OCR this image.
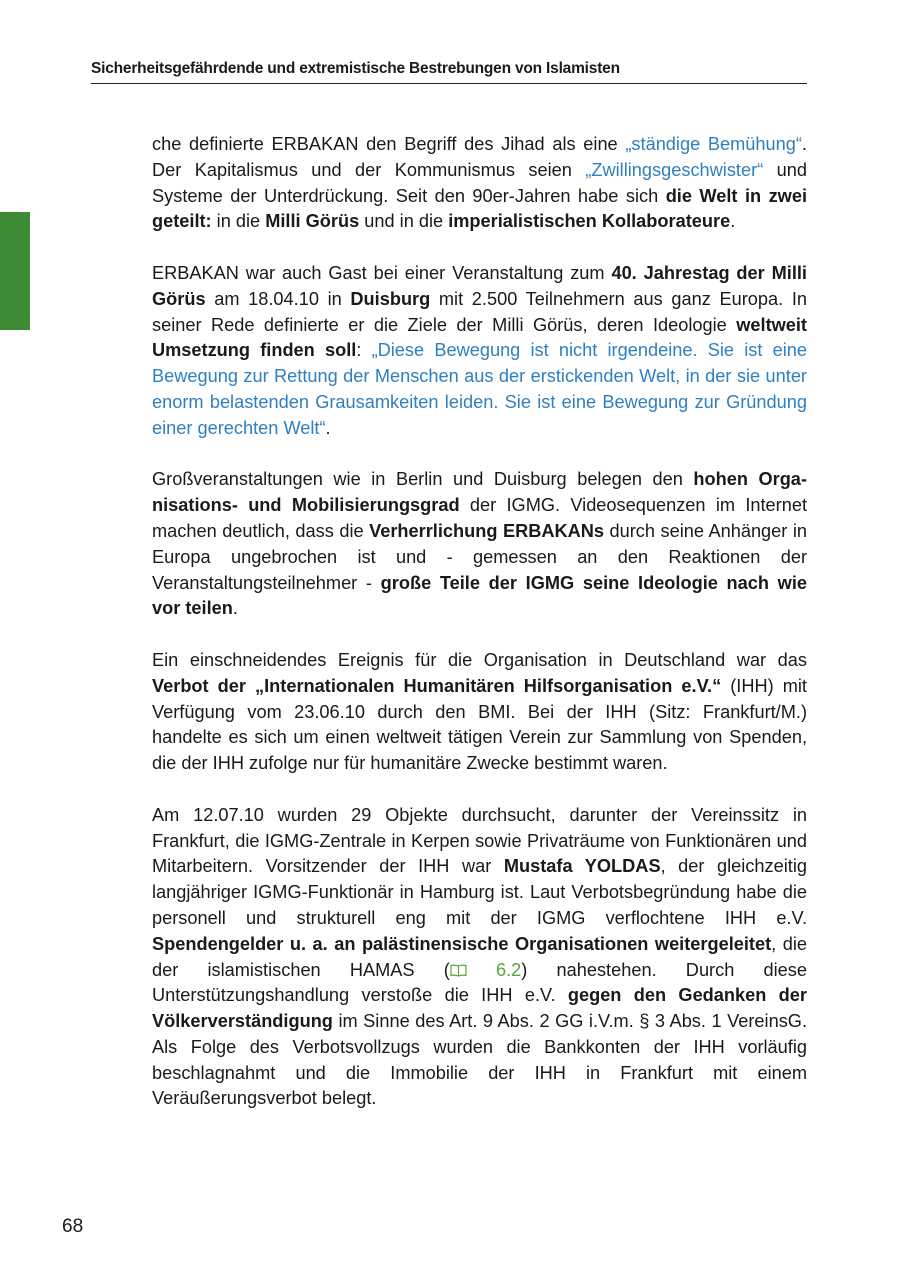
Sicherheitsgefährdende und extremistische Bestrebungen von Islamisten

che definierte ERBAKAN den Begriff des Jihad als eine „ständige Bemühung“. Der Kapitalismus und der Kommunismus seien „Zwillingsgeschwister“ und Systeme der Unterdrückung. Seit den 90er-Jahren habe sich die Welt in zwei geteilt: in die Milli Görüs und in die imperialistischen Kollaborateure.

ERBAKAN war auch Gast bei einer Veranstaltung zum 40. Jahrestag der Milli Görüs am 18.04.10 in Duisburg mit 2.500 Teilnehmern aus ganz Europa. In seiner Rede definierte er die Ziele der Milli Görüs, deren Ideologie weltweit Umsetzung finden soll: „Diese Bewegung ist nicht irgendeine. Sie ist eine Bewegung zur Rettung der Menschen aus der erstickenden Welt, in der sie unter enorm belastenden Grausamkeiten leiden. Sie ist eine Bewegung zur Gründung einer gerechten Welt“.

Großveranstaltungen wie in Berlin und Duisburg belegen den hohen Organisations- und Mobilisierungsgrad der IGMG. Videosequenzen im Internet machen deutlich, dass die Verherrlichung ERBAKANs durch seine Anhänger in Europa ungebrochen ist und - gemessen an den Reaktionen der Veranstaltungsteilnehmer - große Teile der IGMG seine Ideologie nach wie vor teilen.

Ein einschneidendes Ereignis für die Organisation in Deutschland war das Verbot der „Internationalen Humanitären Hilfsorganisation e.V.“ (IHH) mit Verfügung vom 23.06.10 durch den BMI. Bei der IHH (Sitz: Frankfurt/M.) handelte es sich um einen weltweit tätigen Verein zur Sammlung von Spenden, die der IHH zufolge nur für humanitäre Zwecke bestimmt waren.

Am 12.07.10 wurden 29 Objekte durchsucht, darunter der Vereinssitz in Frankfurt, die IGMG-Zentrale in Kerpen sowie Privaträume von Funktionären und Mitarbeitern. Vorsitzender der IHH war Mustafa YOLDAS, der gleichzeitig langjähriger IGMG-Funktionär in Hamburg ist. Laut Verbotsbegründung habe die personell und strukturell eng mit der IGMG verflochtene IHH e.V. Spendengelder u. a. an palästinensische Organisationen weitergeleitet, die der islamistischen HAMAS (	6.2) nahestehen. Durch diese Unterstützungshandlung verstoße die IHH e.V. gegen den Gedanken der Völkerverständigung im Sinne des Art. 9 Abs. 2 GG i.V.m. § 3 Abs. 1 VereinsG. Als Folge des Verbotsvollzugs wurden die Bankkonten der IHH vorläufig beschlagnahmt und die Immobilie der IHH in Frankfurt mit einem Veräußerungsverbot belegt.

68
